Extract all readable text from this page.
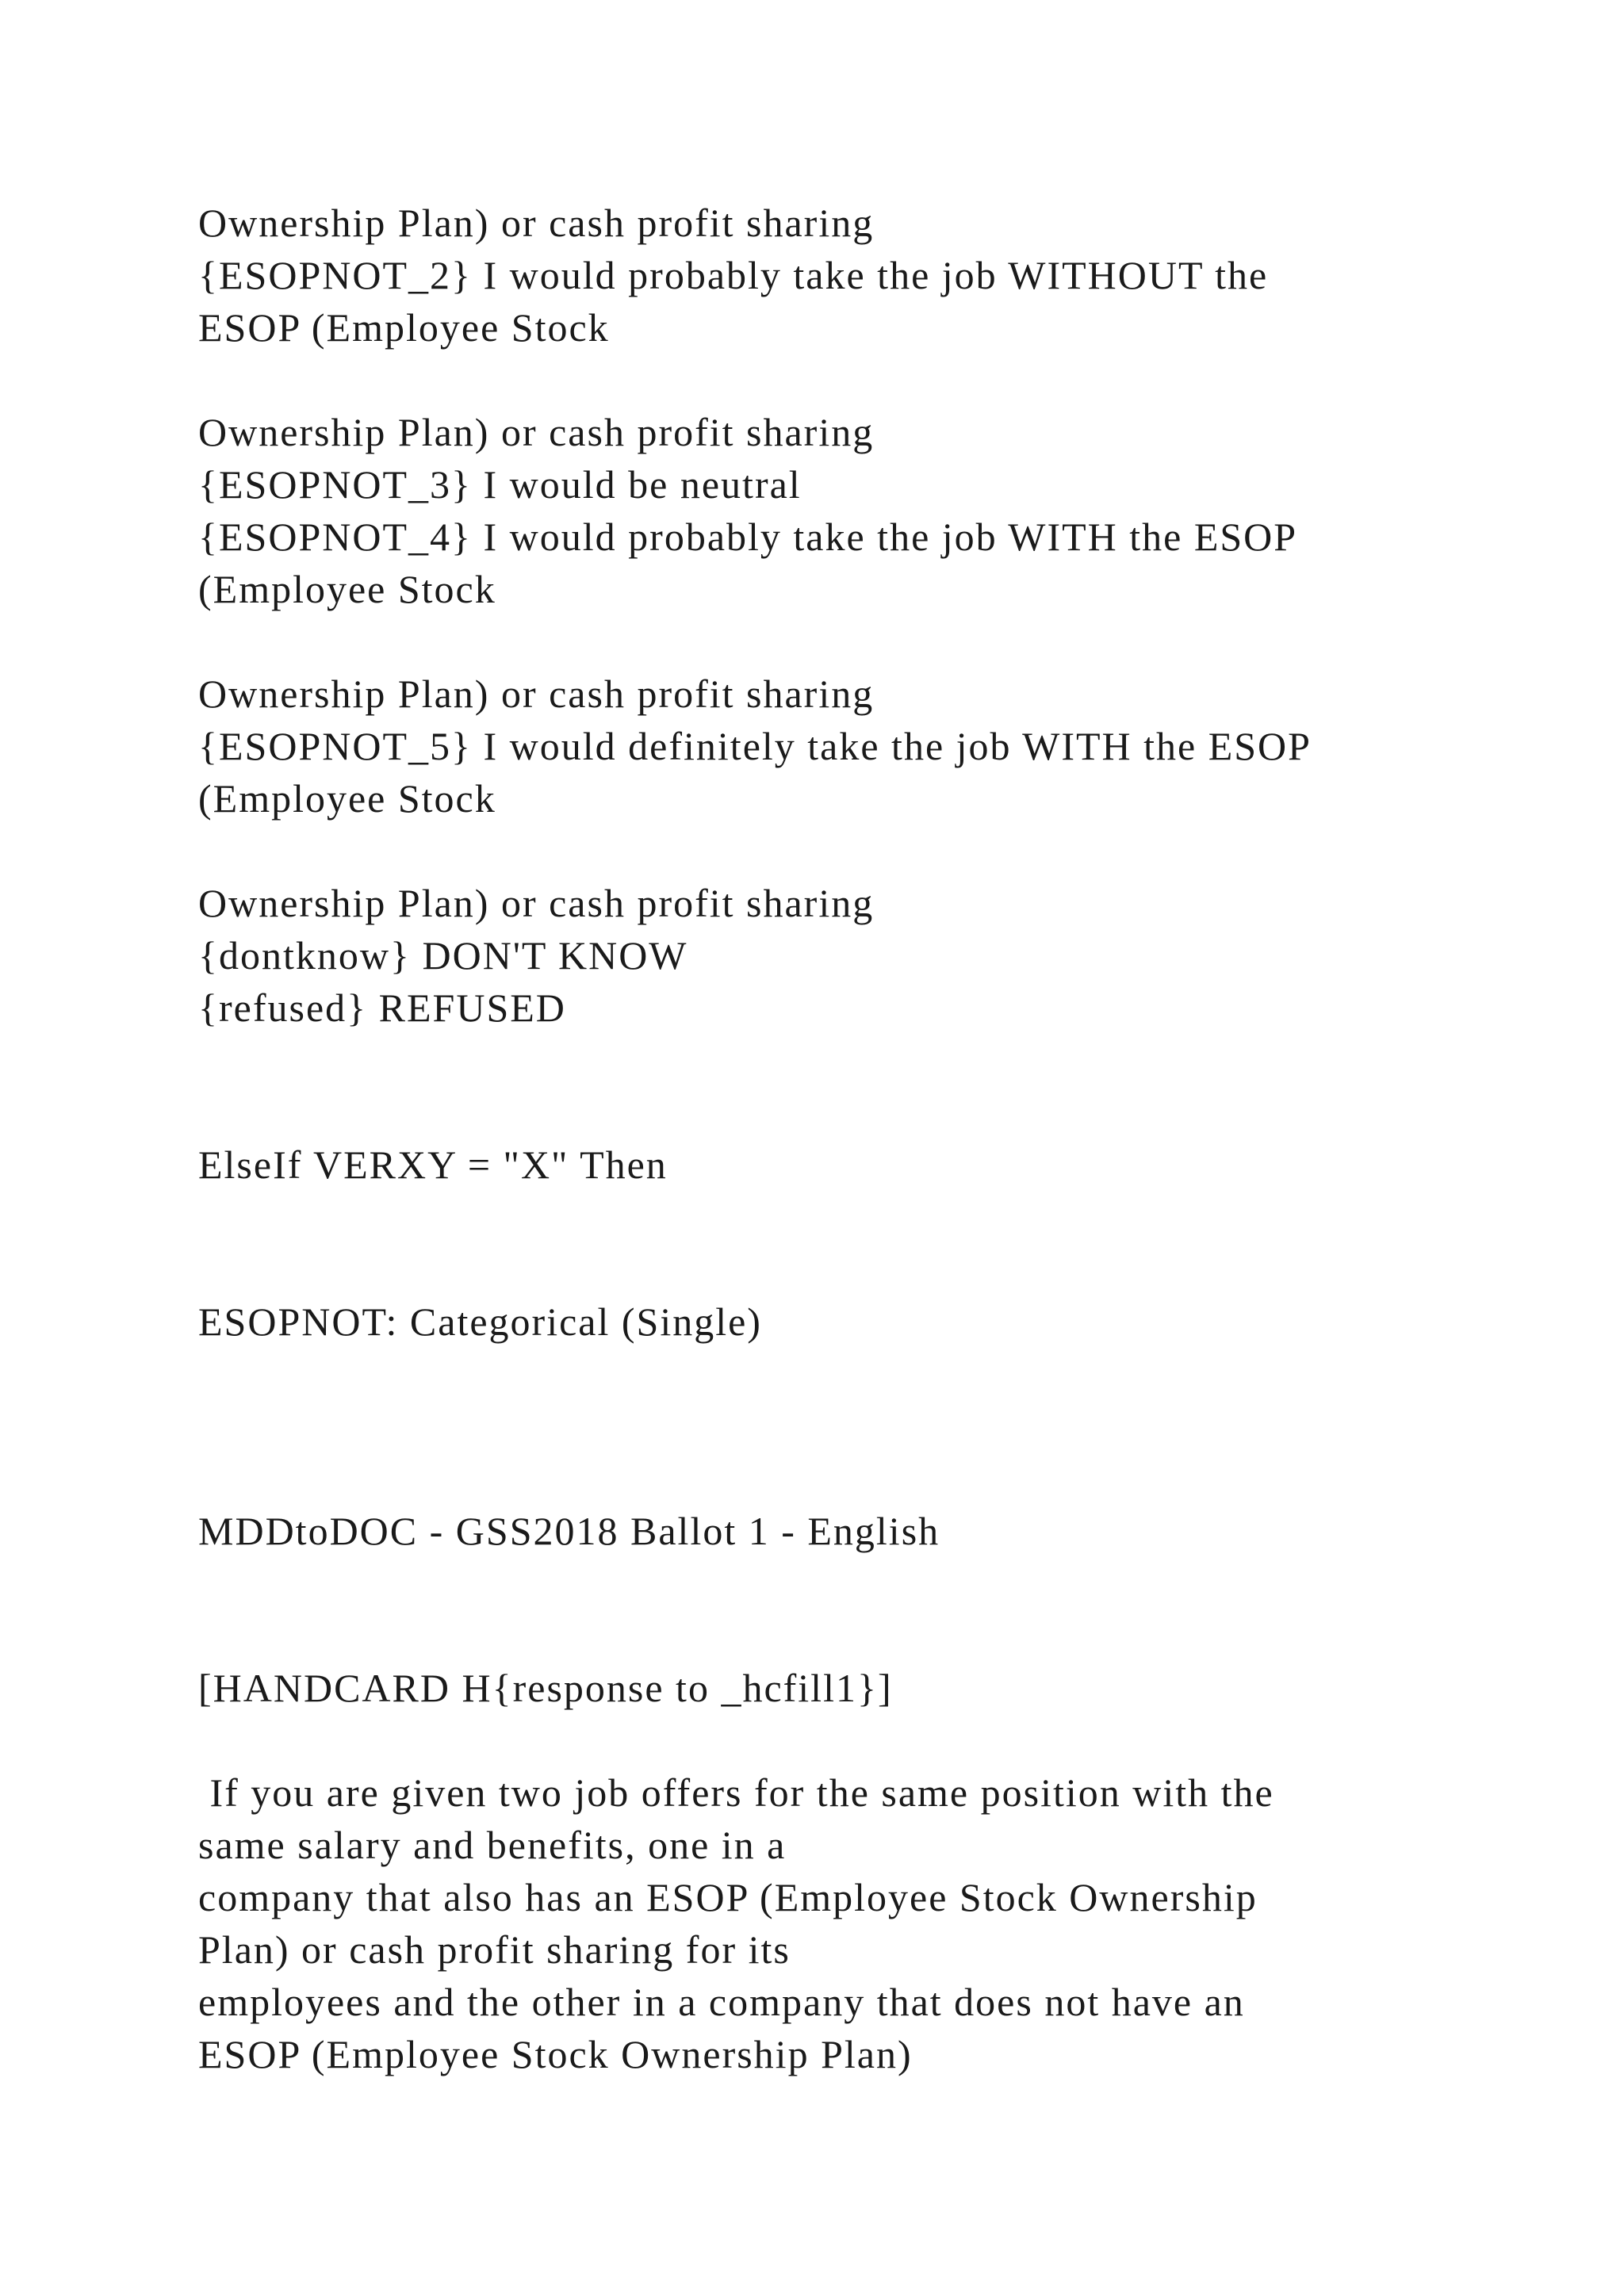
Ownership Plan) or cash profit sharing

{ESOPNOT_2} I would probably take the job WITHOUT the

ESOP (Employee Stock

Ownership Plan) or cash profit sharing

{ESOPNOT_3} I would be neutral

{ESOPNOT_4} I would probably take the job WITH the ESOP

(Employee Stock

Ownership Plan) or cash profit sharing

{ESOPNOT_5} I would definitely take the job WITH the ESOP

(Employee Stock

Ownership Plan) or cash profit sharing

{dontknow} DON'T KNOW

{refused} REFUSED

ElseIf VERXY = "X" Then

ESOPNOT: Categorical (Single)

MDDtoDOC - GSS2018 Ballot 1 - English

[HANDCARD H{response to _hcfill1}]

If you are given two job offers for the same position with the

same salary and benefits, one in a

company that also has an ESOP (Employee Stock Ownership

Plan) or cash profit sharing for its

employees and the other in a company that does not have an

ESOP (Employee Stock Ownership Plan)
